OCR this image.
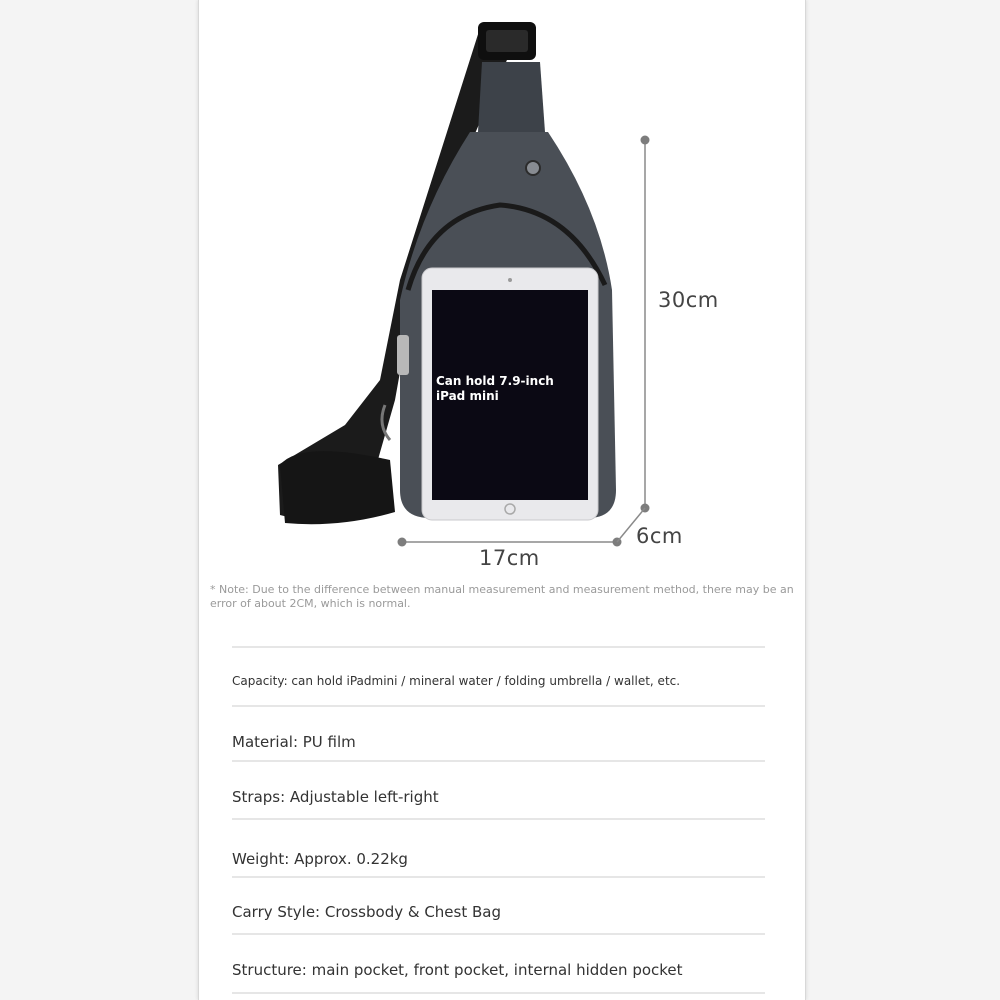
30cm
17cm
6cm
Can hold 7.9-inch iPad mini
* Note: Due to the difference between manual measurement and measurement method, there may be an error of about 2CM, which is normal.
Capacity: can hold iPadmini / mineral water / folding umbrella / wallet, etc.
Material: PU film
Straps: Adjustable left-right
Weight: Approx. 0.22kg
Carry Style: Crossbody & Chest Bag
Structure: main pocket, front pocket, internal hidden pocket
